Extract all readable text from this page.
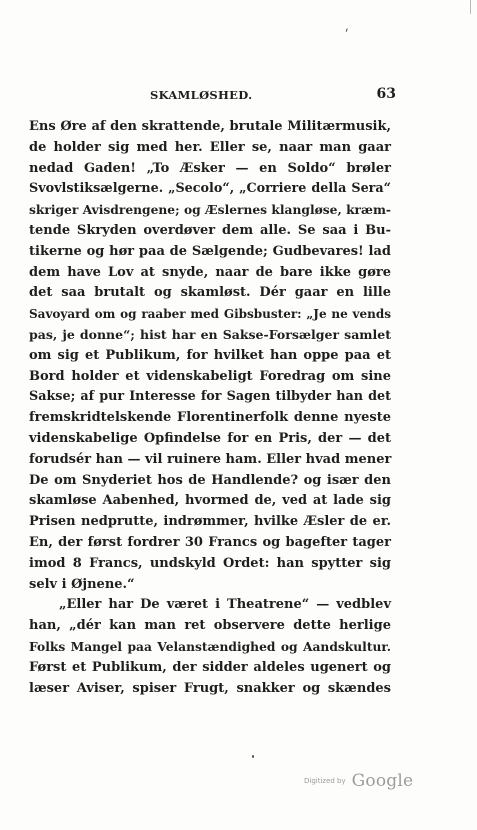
'
SKAMLØSHED.	63
Ens Øre af den skrattende, brutale Militærmusik,
de holder sig med her. Eller se, naar man gaar
nedad Gaden! „To Æsker — en Soldo“ brøler
Svovlstiksælgerne. „Secolo“, „Corriere della Sera“
skriger Avisdrengene; og Æslernes klangløse, kræm-
tende Skryden overdøver dem alle. Se saa i Bu-
tikerne og hør paa de Sælgende; Gudbevares! lad
dem have Lov at snyde, naar de bare ikke gøre
det saa brutalt og skamløst. Dér gaar en lille
Savoyard om og raaber med Gibsbuster: „Je ne vends
pas, je donne“; hist har en Sakse-Forsælger samlet
om sig et Publikum, for hvilket han oppe paa et
Bord holder et videnskabeligt Foredrag om sine
Sakse; af pur Interesse for Sagen tilbyder han det
fremskridtelskende Florentinerfolk denne nyeste
videnskabelige Opfindelse for en Pris, der — det
forudsér han — vil ruinere ham. Eller hvad mener
De om Snyderiet hos de Handlende? og især den
skamløse Aabenhed, hvormed de, ved at lade sig
Prisen nedprutte, indrømmer, hvilke Æsler de er.
En, der først fordrer 30 Francs og bagefter tager
imod 8 Francs, undskyld Ordet: han spytter sig
selv i Øjnene.“
„Eller har De været i Theatrene“ — vedblev
han, „dér kan man ret observere dette herlige
Folks Mangel paa Velanstændighed og Aandskultur.
Først et Publikum, der sidder aldeles ugenert og
læser Aviser, spiser Frugt, snakker og skændes
Digitized by Google
